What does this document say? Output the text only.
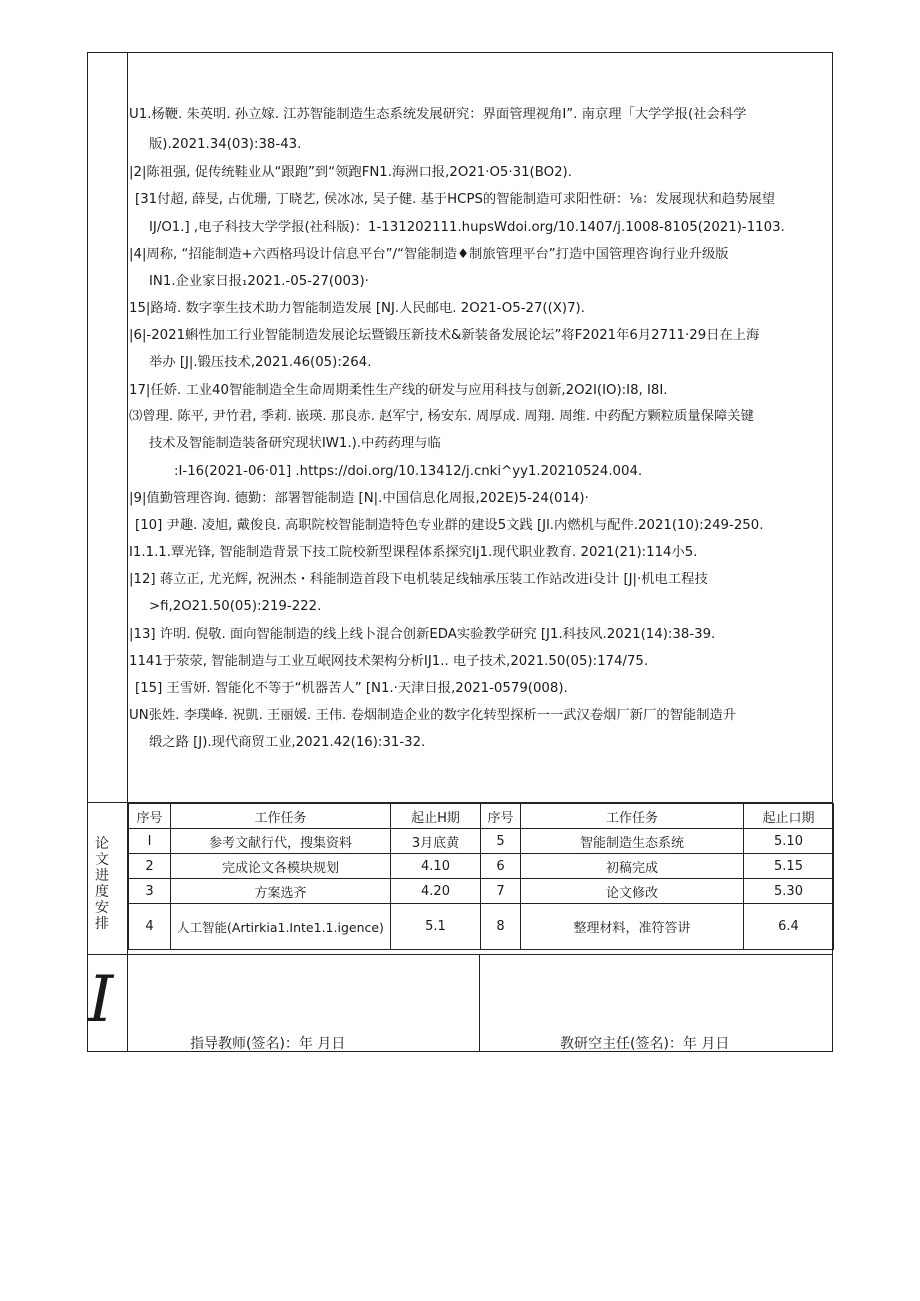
U1.杨鞭. 朱英明. 孙立嫁. 江苏智能制造生态系统发展研究：界面管理视角I”. 南京理「大学学报(社会科学
版).2021.34(03):38-43.
|2|陈祖强, 促传统鞋业从“跟跑”到“领跑FN1.海洲口报,2O21·O5·31(BO2).
[31付超, 薛旻, 占优珊, 丁晓艺, 侯冰冰, 吴子健. 基于HCPS的智能制造可求阳性研：⅛：发展现状和趋势展望
IJ/O1.] ,电子科技大学学报(社科版)：1-131202111.hupsWdoi.org/10.1407/j.1008-8105(2021)-1103.
|4|周称, “招能制造+六西格玛设计信息平台”/“智能制造♦制旅管理平台”打造中国管理咨询行业升级版
IN1.企业家日报₁2021.-05-27(003)·
15|路埼. 数字挛生技术助力智能制造发展 [NJ.人民邮电. 2O21-O5-27((X)7).
|6|-2021蝌性加工行业智能制造发展论坛暨锻压新技术&新装备发展论坛”将F2021年6月2711·29日在上海
举办 [J|.锻压技术,2021.46(05):264.
17|任娇. 工业40智能制造全生命周期柔性生产线的研发与应用科技与创新,2O2I(IO):I8, I8I.
⑶曾理. 陈平, 尹竹君, 季莉. 嵌瑛. 那良赤. 赵军宁, 杨安东. 周厚成. 周翔. 周维. 中药配方颗粒质量保障关键
技术及智能制造装备研究现状IW1.).中药药理与临
:I-16(2021-06·01] .https://doi.org/10.13412/j.cnki^yy1.20210524.004.
|9|值勤管理咨询. 德勤：部署智能制造 [N|.中国信息化周报,202E)5-24(014)·
[10] 尹趣. 凌旭, 戴俊良. 高职院校智能制造特色专业群的建设5文践 [Jl.内燃机与配件.2021(10):249-250.
I1.1.1.覃光锋, 智能制造背景下技工院校新型课程体系探究Ij1.现代职业教育. 2021(21):114小5.
|12] 蒋立正, 尤光辉, 祝洲杰・科能制造首段下电机装足线轴承压装工作站改进i殳计 [J|·机电工程技
>fi,2O21.50(05):219-222.
|13] 许明. 倪敬. 面向智能制造的线上线卜混合创新EDA实验教学研究 [J1.科技风.2021(14):38-39.
1141于荥荥, 智能制造与工业互岷网技术架构分析IJ1.. 电子技术,2021.50(05):174/75.
[15] 王雪妍. 智能化不等于“机器苦人” [N1.·天津日报,2021-0579(008).
UN张姓. 李璞峰. 祝凱. 王丽媛. 王伟. 卷烟制造企业的数字化转型探析一一武汉卷烟厂新厂的智能制造升
缎之路 [J).现代商贸工业,2021.42(16):31-32.
论
文
进
度
安
排
序号	工作任务	起止H期	序号	工作任务	起止口期
I	参考文献行代，搜集资料	3月底黄	5	智能制造生态系统	5.10
2	完成论文各模块规划	4.10	6	初稿完成	5.15
3	方案选齐	4.20	7	论文修改	5.30
4	人工智能(Artirkia1.Inte1.1.igence)	5.1	8	整理材料，准符答讲	6.4
I
指导教师(签名)：年 月日	教研空主任(签名)：年 月日
